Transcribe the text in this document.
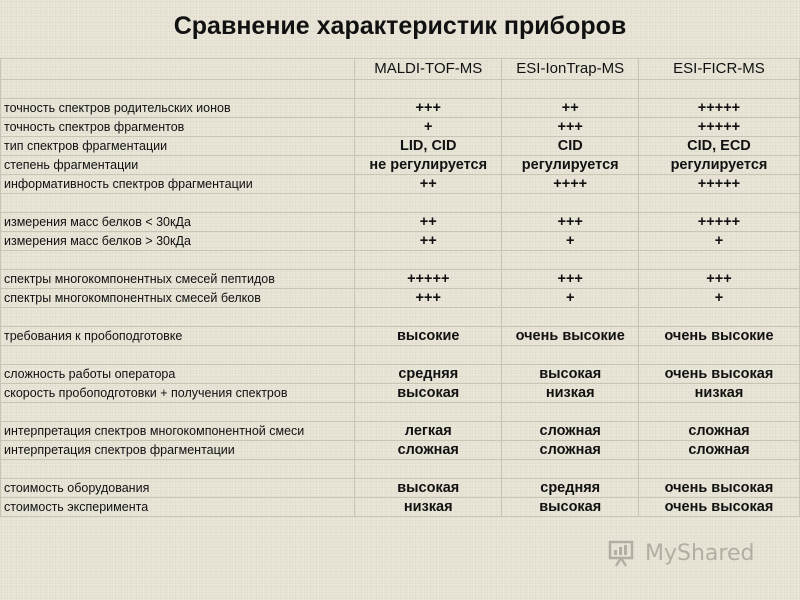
Сравнение характеристик приборов
	MALDI-TOF-MS	ESI-IonTrap-MS	ESI-FICR-MS

точность спектров родительских ионов	+++	++	+++++
точность спектров фрагментов	+	+++	+++++
тип спектров фрагментации	LID, CID	CID	CID, ECD
степень фрагментации	не регулируется	регулируется	регулируется
информативность спектров фрагментации	++	++++	+++++

измерения масс белков < 30кДа	++	+++	+++++
измерения масс белков > 30кДа	++	+	+

спектры многокомпонентных смесей пептидов	+++++	+++	+++
спектры многокомпонентных смесей белков	+++	+	+

требования к пробоподготовке	высокие	очень высокие	очень высокие

сложность работы оператора	средняя	высокая	очень высокая
скорость пробоподготовки + получения спектров	высокая	низкая	низкая

интерпретация спектров многокомпонентной смеси	легкая	сложная	сложная
интерпретация спектров фрагментации	сложная	сложная	сложная

стоимость оборудования	высокая	средняя	очень высокая
стоимость эксперимента	низкая	высокая	очень высокая
MyShared
